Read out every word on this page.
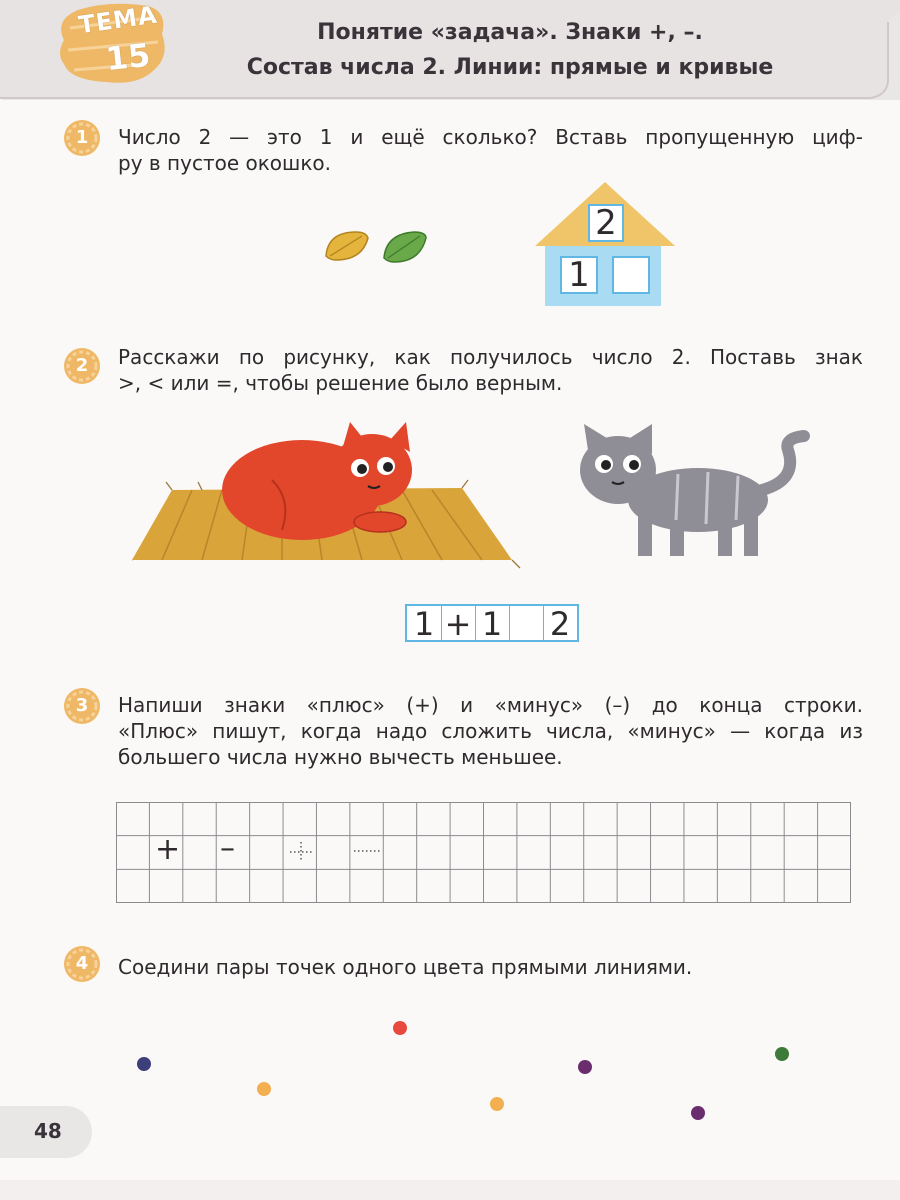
ТЕМА
15
Понятие «задача». Знаки +, –.
Состав числа 2. Линии: прямые и кривые
1	Число 2 — это 1 и ещё сколько? Вставь пропущенную циф-
ру в пустое окошко.
2
1
2	Расскажи по рисунку, как получилось число 2. Поставь знак
>, < или =, чтобы решение было верным.
1 + 1 2
3	Напиши знаки «плюс» (+) и «минус» (–) до конца строки.
«Плюс» пишут, когда надо сложить числа, «минус» — когда из
большего числа нужно вычесть меньшее.
+ –
4	Соедини пары точек одного цвета прямыми линиями.
48
